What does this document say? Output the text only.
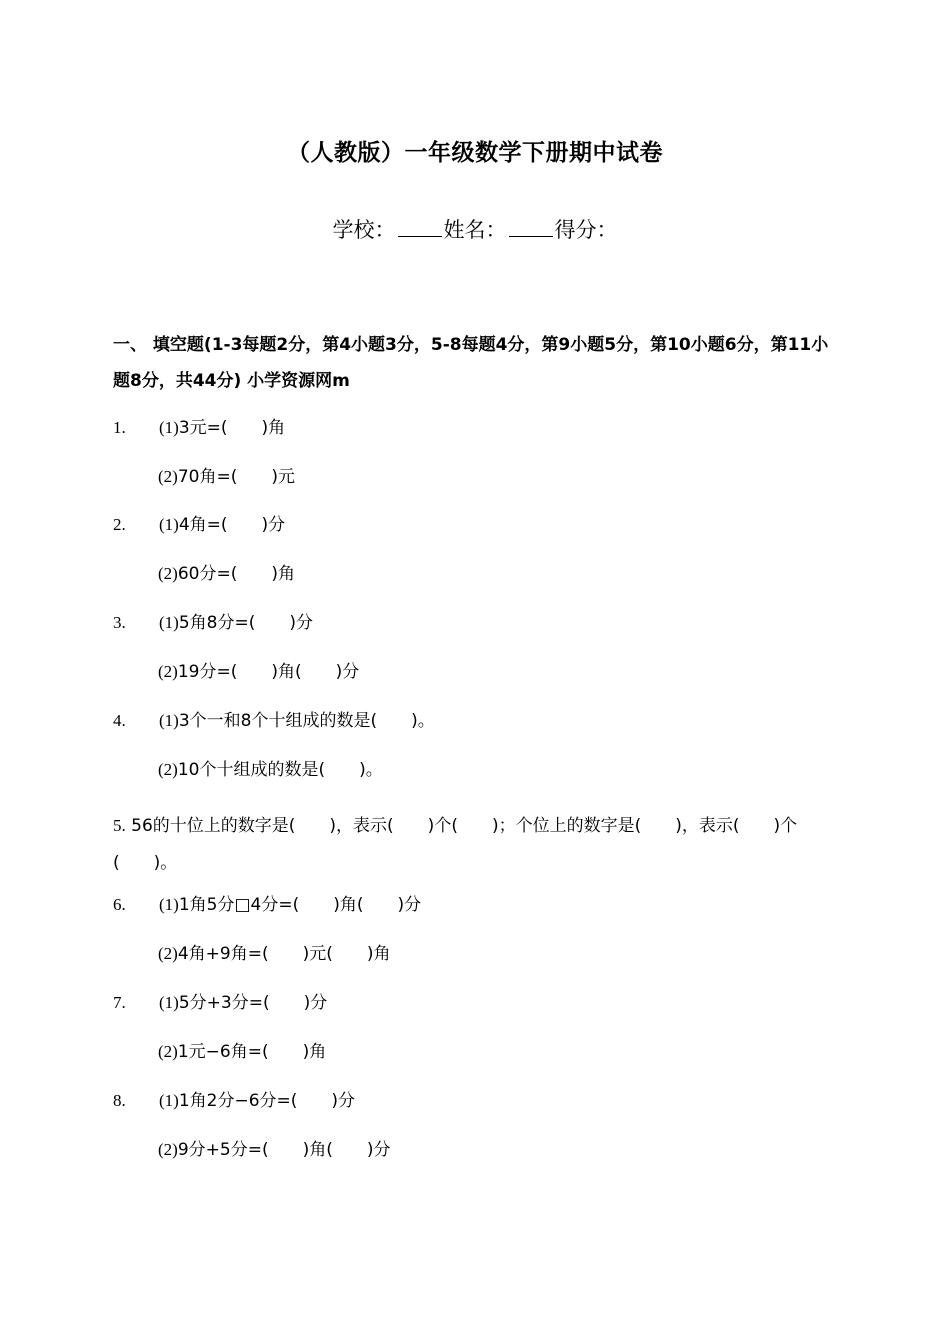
（人教版）一年级数学下册期中试卷
学校： 姓名： 得分：
一、 填空题(1-3每题2分，第4小题3分，5-8每题4分，第9小题5分，第10小题6分，第11小题8分，共44分) 小学资源网m
1. (1)3元=(　　)角
(2)70角=(　　)元
2. (1)4角=(　　)分
(2)60分=(　　)角
3. (1)5角8分=(　　)分
(2)19分=(　　)角(　　)分
4. (1)3个一和8个十组成的数是(　　)。
(2)10个十组成的数是(　　)。
5. 56的十位上的数字是(　　)，表示(　　)个(　　)；个位上的数字是(　　)，表示(　　)个(　　)。
6. (1)1角5分□4分=(　　)角(　　)分
(2)4角+9角=(　　)元(　　)角
7. (1)5分+3分=(　　)分
(2)1元−6角=(　　)角
8. (1)1角2分−6分=(　　)分
(2)9分+5分=(　　)角(　　)分
